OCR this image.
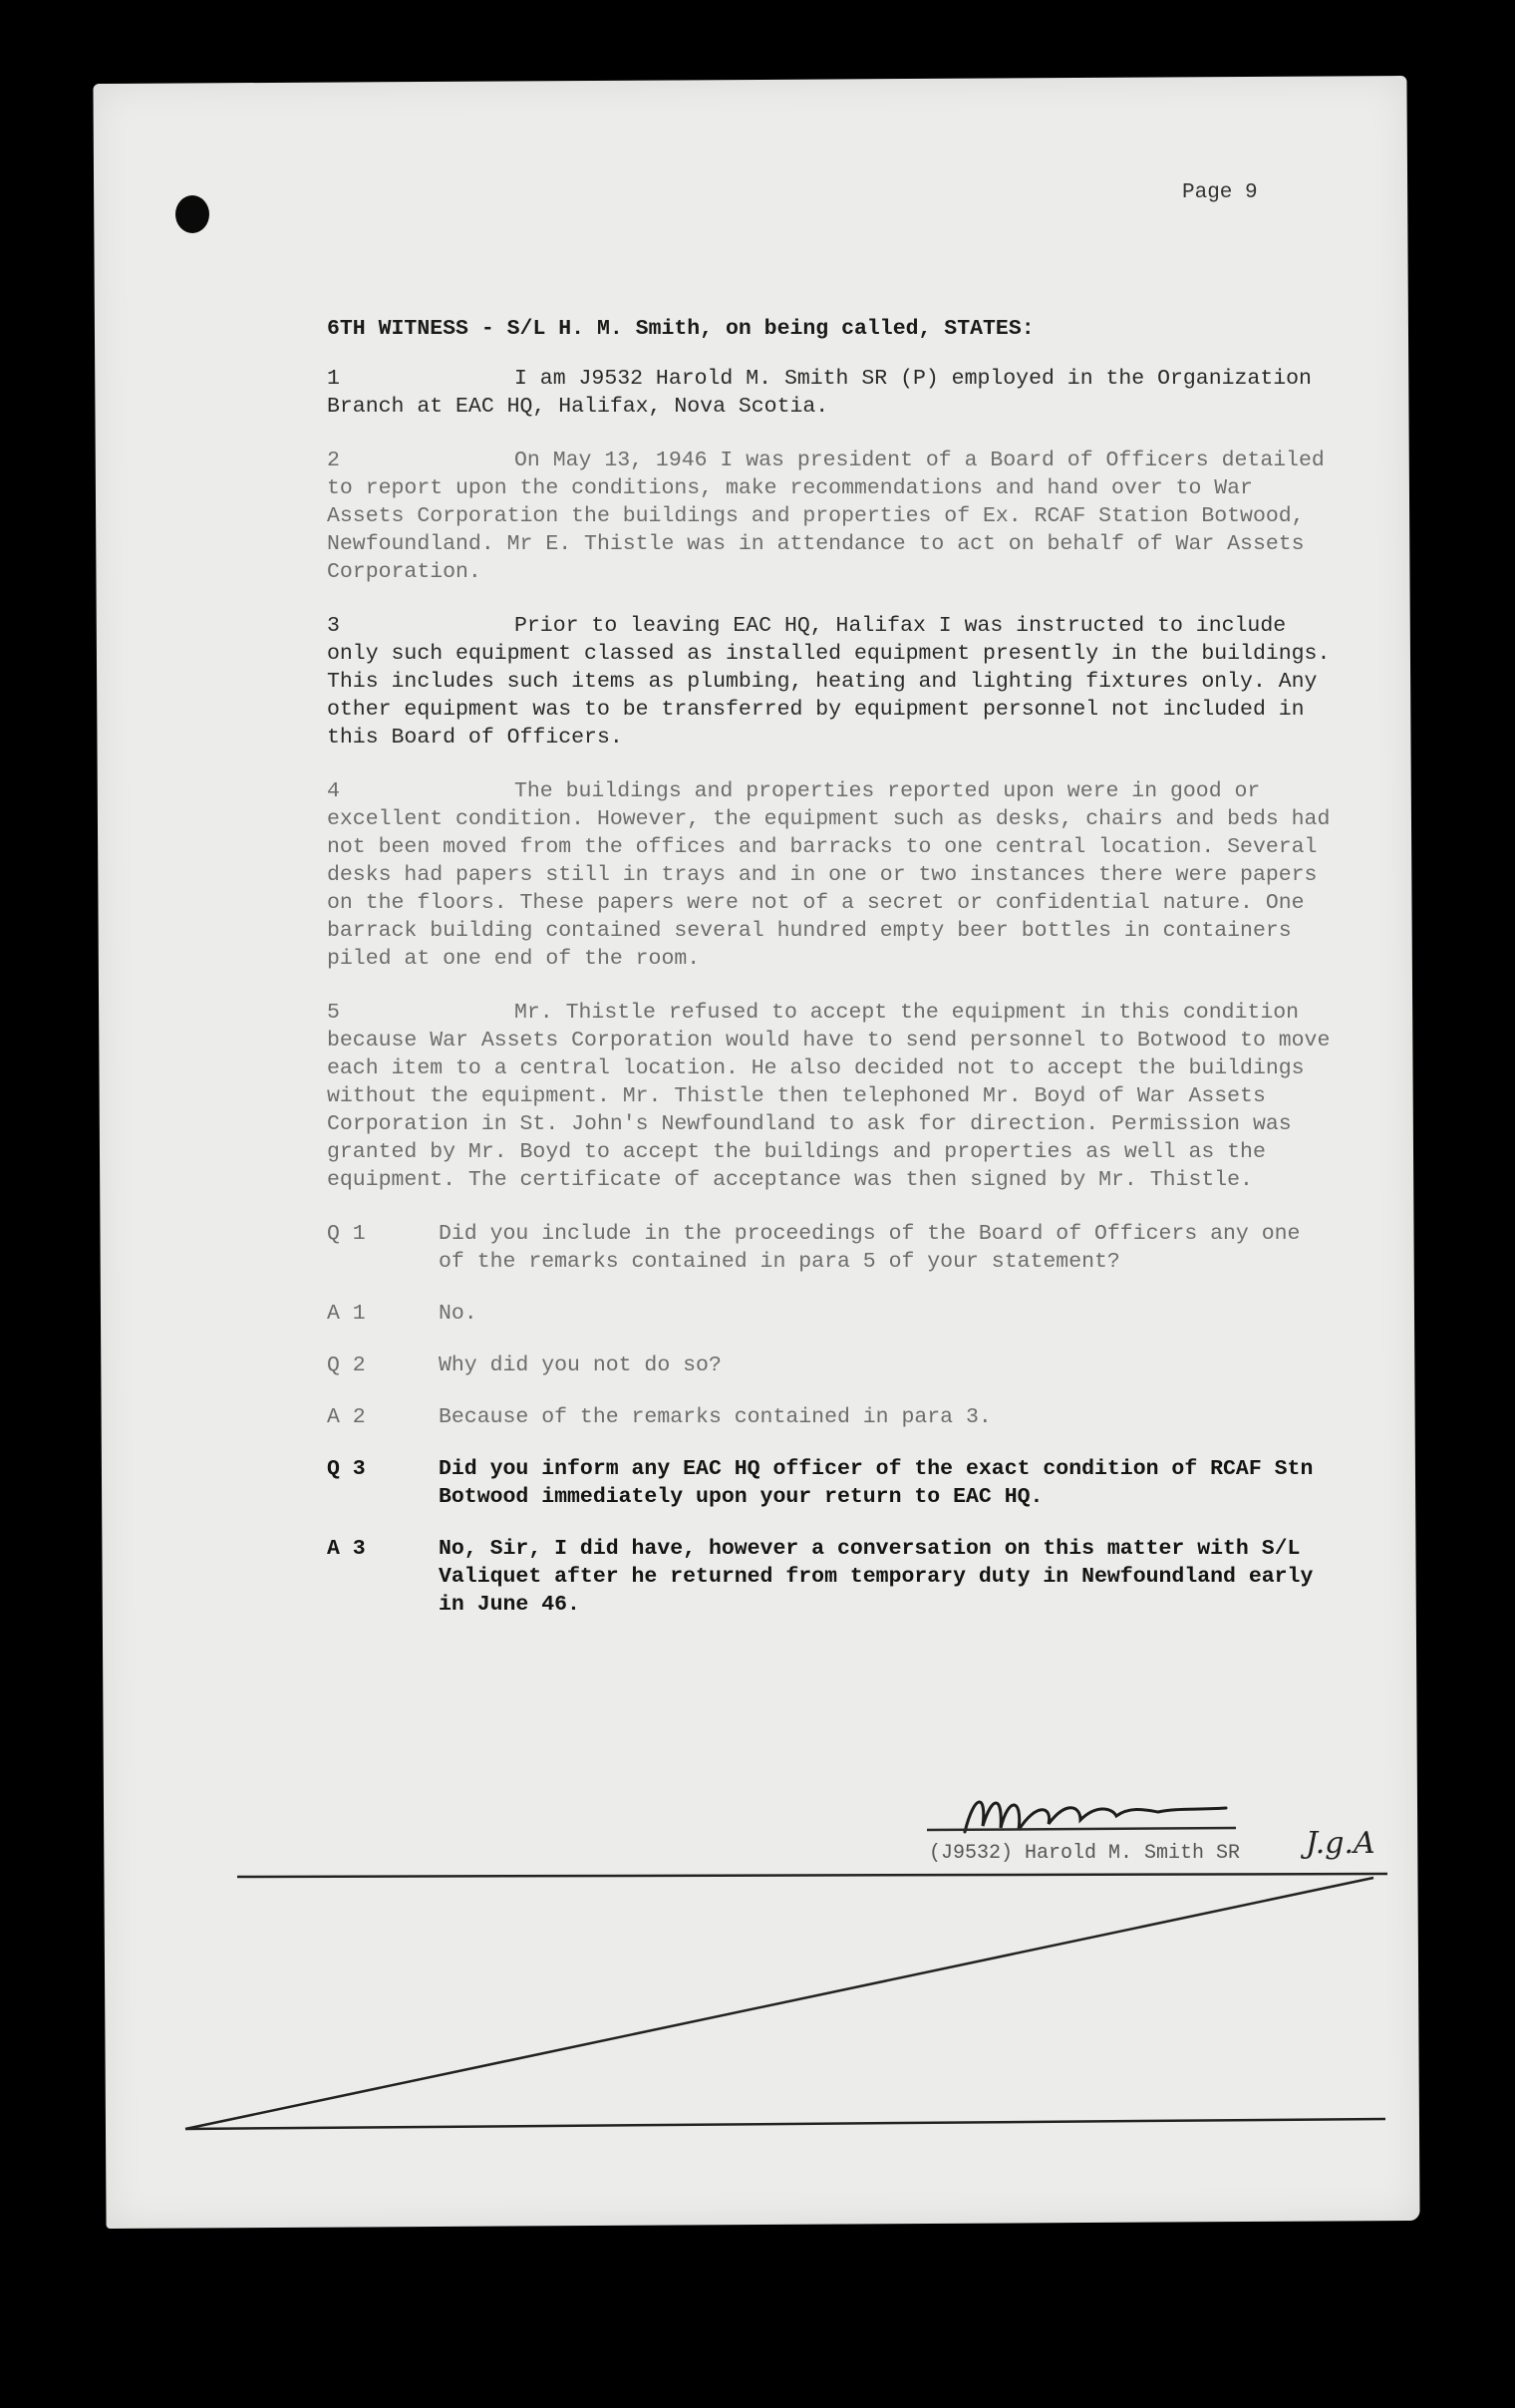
Page 9

6TH WITNESS - S/L H. M. Smith, on being called, STATES:

1	I am J9532 Harold M. Smith SR (P) employed in the Organization Branch at EAC HQ, Halifax, Nova Scotia.

2	On May 13, 1946 I was president of a Board of Officers detailed to report upon the conditions, make recommendations and hand over to War Assets Corporation the buildings and properties of Ex. RCAF Station Botwood, Newfoundland. Mr E. Thistle was in attendance to act on behalf of War Assets Corporation.

3	Prior to leaving EAC HQ, Halifax I was instructed to include only such equipment classed as installed equipment presently in the buildings. This includes such items as plumbing, heating and lighting fixtures only. Any other equipment was to be transferred by equipment personnel not included in this Board of Officers.

4	The buildings and properties reported upon were in good or excellent condition. However, the equipment such as desks, chairs and beds had not been moved from the offices and barracks to one central location. Several desks had papers still in trays and in one or two instances there were papers on the floors. These papers were not of a secret or confidential nature. One barrack building contained several hundred empty beer bottles in containers piled at one end of the room.

5	Mr. Thistle refused to accept the equipment in this condition because War Assets Corporation would have to send personnel to Botwood to move each item to a central location. He also decided not to accept the buildings without the equipment. Mr. Thistle then telephoned Mr. Boyd of War Assets Corporation in St. John's Newfoundland to ask for direction. Permission was granted by Mr. Boyd to accept the buildings and properties as well as the equipment. The certificate of acceptance was then signed by Mr. Thistle.

Q 1	Did you include in the proceedings of the Board of Officers any one of the remarks contained in para 5 of your statement?
A 1	No.
Q 2	Why did you not do so?
A 2	Because of the remarks contained in para 3.
Q 3	Did you inform any EAC HQ officer of the exact condition of RCAF Stn Botwood immediately upon your return to EAC HQ.
A 3	No, Sir, I did have, however a conversation on this matter with S/L Valiquet after he returned from temporary duty in Newfoundland early in June 46.
(J9532) Harold M. Smith SR J.g.A
